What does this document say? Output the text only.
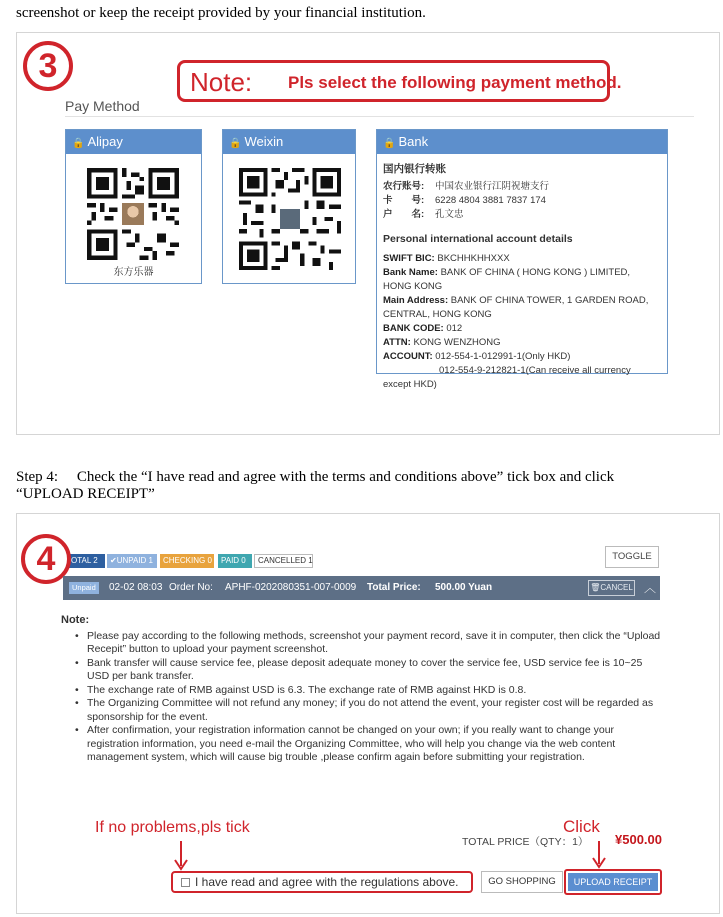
screenshot or keep the receipt provided by your financial institution.
3	Note: Pls select the following payment method.
Pay Method
🔒 Alipay
东方乐器
🔒 Weixin	🔒 Bank
国内银行转账
农行账号:	中国农业银行江阴祝塘支行
卡　　号:	6228 4804 3881 7837 174
户　　名:	孔文忠
Personal international account details
SWIFT BIC: BKCHHKHHXXX
Bank Name: BANK OF CHINA ( HONG KONG ) LIMITED,
HONG KONG
Main Address: BANK OF CHINA TOWER, 1 GARDEN ROAD,
CENTRAL, HONG KONG
BANK CODE: 012
ATTN: KONG WENZHONG
ACCOUNT: 012-554-1-012991-1(Only HKD)
012-554-9-212821-1(Can receive all currency
except HKD)
Step 4:　 Check the “I have read and agree with the terms and conditions above” tick box and click
“UPLOAD RECEIPT”
OTAL 2	✔UNPAID 1	CHECKING 0	PAID 0	CANCELLED 1
4	TOGGLE
Unpaid	02-02 08:03 Order No: APHF-0202080351-007-0009 Total Price: 500.00 Yuan	🗑CANCEL ︿
Note:
• Please pay according to the following methods, screenshot your payment record, save it in computer, then click the “Upload Recepit” button to upload your payment screenshot.
• Bank transfer will cause service fee, please deposit adequate money to cover the service fee, USD service fee is 10~25 USD per bank transfer.
• The exchange rate of RMB against USD is 6.3. The exchange rate of RMB against HKD is 0.8.
• The Organizing Committee will not refund any money; if you do not attend the event, your register cost will be regarded as sponsorship for the event.
• After confirmation, your registration information cannot be changed on your own; if you really want to change your registration information, you need e-mail the Organizing Committee, who will help you change via the web content management system, which will cause big trouble ,please confirm again before submitting your registration.
If no problems,pls tick	Click
TOTAL PRICE（QTY：1） ¥500.00
I have read and agree with the regulations above.	GO SHOPPING	UPLOAD RECEIPT
